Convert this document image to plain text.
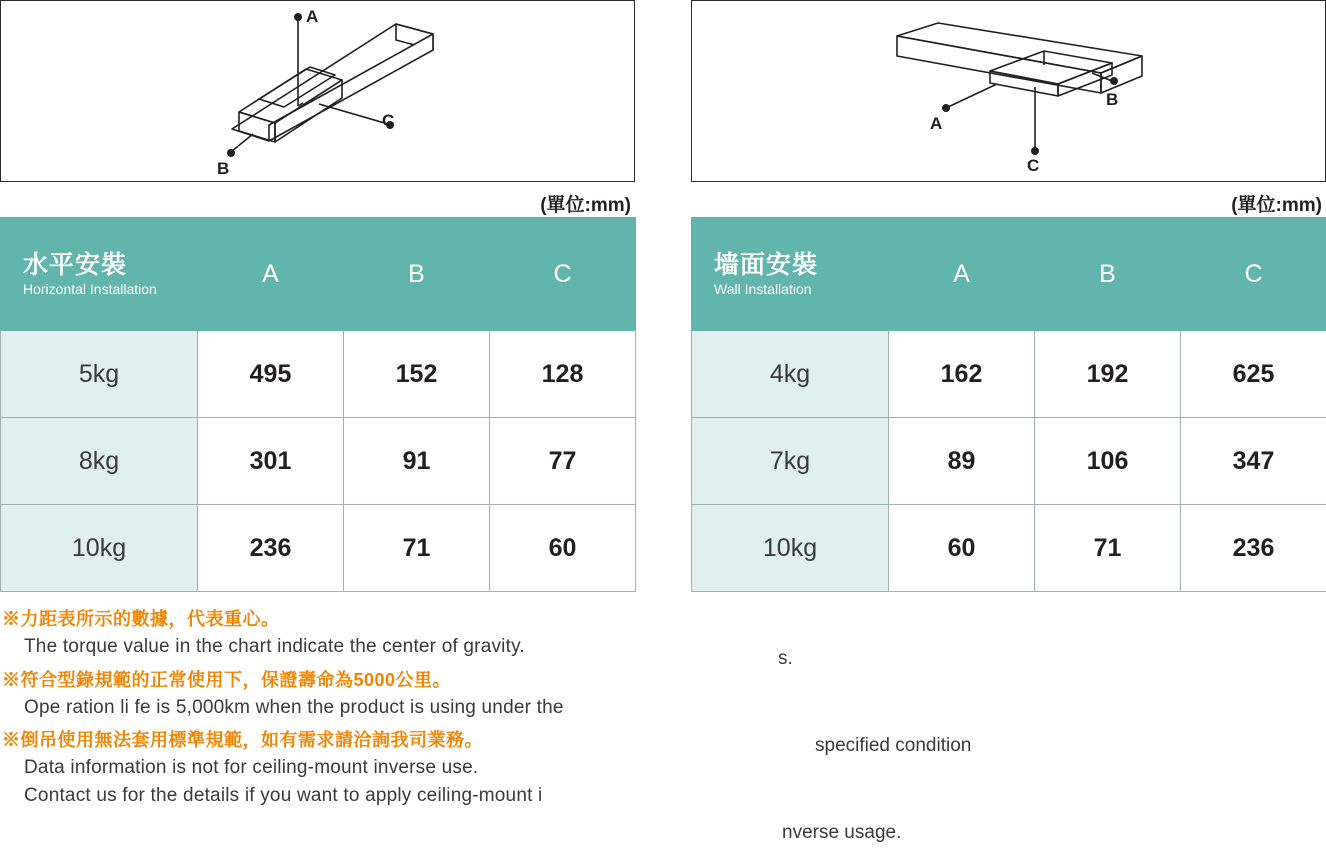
A
C
B
(單位:mm)
水平安裝
Horizontal Installation	A	B	C
5kg	495	152	128
8kg	301	91	77
10kg	236	71	60
A
C
B
(單位:mm)
墙面安裝
Wall Installation	A	B	C
4kg	162	192	625
7kg	89	106	347
10kg	60	71	236
※力距表所示的數據，代表重心。
The torque value in the chart indicate the center of gravity.
※符合型錄規範的正常使用下，保證壽命為5000公里。
Ope ration li fe is 5,000km when the product is using under the
※倒吊使用無法套用標準規範，如有需求請洽詢我司業務。
Data information is not for ceiling-mount inverse use.
Contact us for the details if you want to apply ceiling-mount i
s.
specified condition
nverse usage.
